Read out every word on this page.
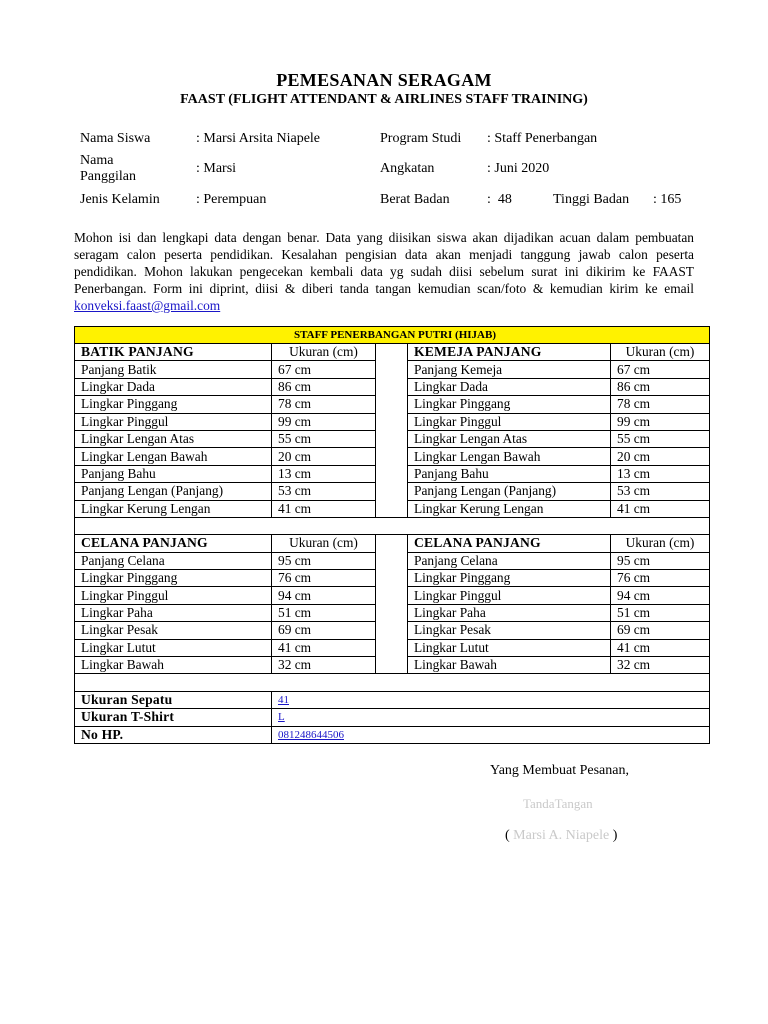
PEMESANAN SERAGAM
FAAST (FLIGHT ATTENDANT & AIRLINES STAFF TRAINING)
Nama Siswa	: Marsi Arsita Niapele	Program Studi : Staff Penerbangan
Nama
Panggilan
: Marsi	Angkatan	: Juni 2020
Jenis Kelamin	: Perempuan	Berat Badan	:  48	Tinggi Badan : 165
Mohon isi dan lengkapi data dengan benar. Data yang diisikan siswa akan dijadikan acuan dalam pembuatan seragam calon peserta pendidikan. Kesalahan pengisian data akan menjadi tanggung jawab calon peserta pendidikan. Mohon lakukan pengecekan kembali data yg sudah diisi sebelum surat ini dikirim ke FAAST Penerbangan. Form ini diprint, diisi & diberi tanda tangan kemudian scan/foto & kemudian kirim ke email konveksi.faast@gmail.com
STAFF PENERBANGAN PUTRI (HIJAB)				
BATIK PANJANG	Ukuran (cm)		KEMEJA PANJANG	Ukuran (cm)
Panjang Batik	67 cm		Panjang Kemeja	67 cm
Lingkar Dada	86 cm		Lingkar Dada	86 cm
Lingkar Pinggang	78 cm		Lingkar Pinggang	78 cm
Lingkar Pinggul	99 cm		Lingkar Pinggul	99 cm
Lingkar Lengan Atas	55 cm		Lingkar Lengan Atas	55 cm
Lingkar Lengan Bawah	20 cm		Lingkar Lengan Bawah	20 cm
Panjang Bahu	13 cm		Panjang Bahu	13 cm
Panjang Lengan (Panjang)	53 cm		Panjang Lengan (Panjang)	53 cm
Lingkar Kerung Lengan	41 cm		Lingkar Kerung Lengan	41 cm

CELANA PANJANG	Ukuran (cm)		CELANA PANJANG	Ukuran (cm)
Panjang Celana	95 cm		Panjang Celana	95 cm
Lingkar Pinggang	76 cm		Lingkar Pinggang	76 cm
Lingkar Pinggul	94 cm		Lingkar Pinggul	94 cm
Lingkar Paha	51 cm		Lingkar Paha	51 cm
Lingkar Pesak	69 cm		Lingkar Pesak	69 cm
Lingkar Lutut	41 cm		Lingkar Lutut	41 cm
Lingkar Bawah	32 cm		Lingkar Bawah	32 cm

Ukuran Sepatu	41			
Ukuran T-Shirt	L			
No HP.	081248644506			
Yang Membuat Pesanan,
TandaTangan
( Marsi A. Niapele )
